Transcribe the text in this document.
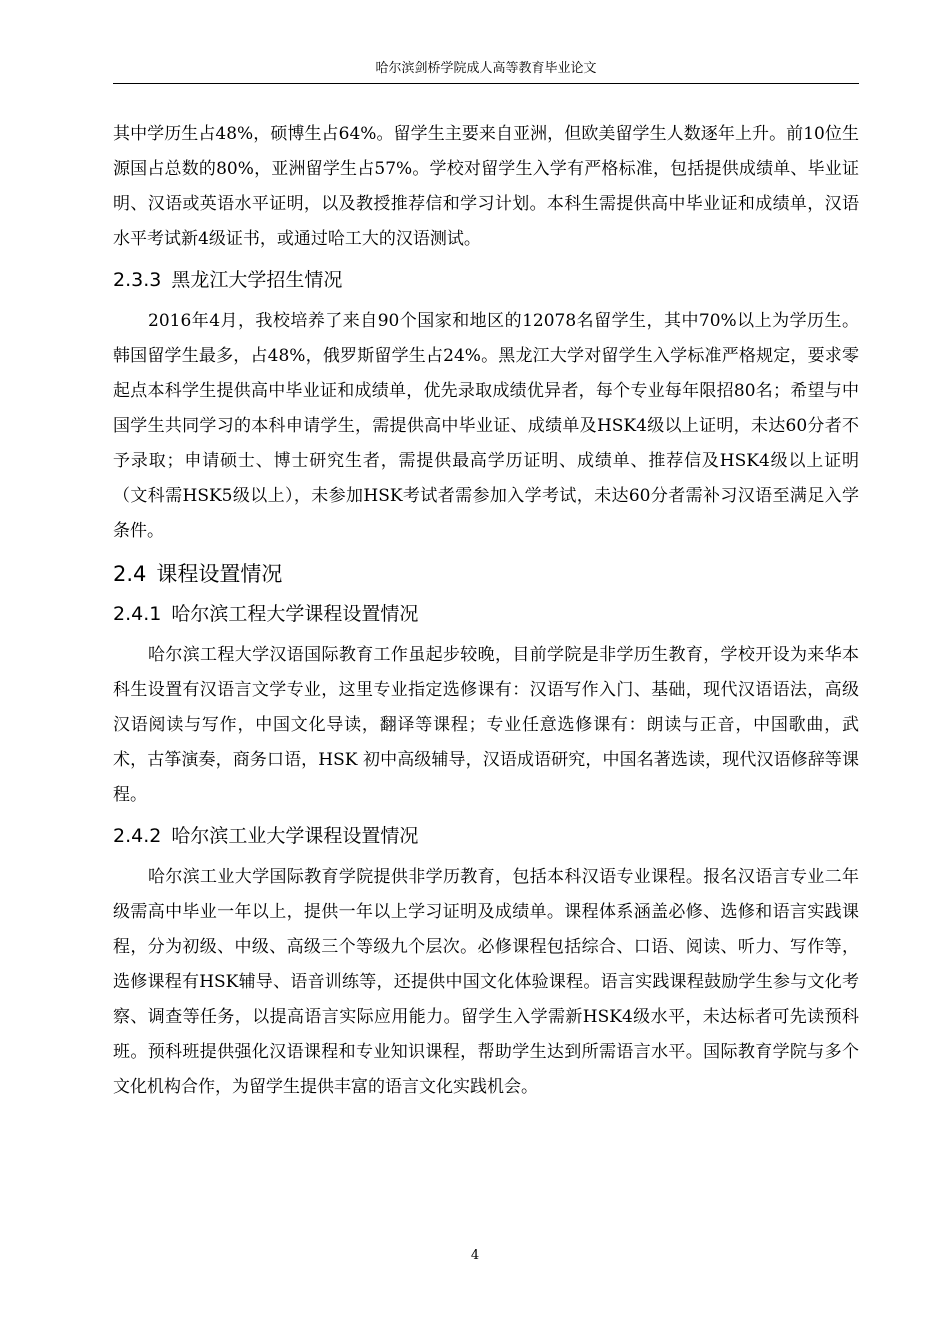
哈尔滨剑桥学院成人高等教育毕业论文

其中学历生占48%，硕博生占64%。留学生主要来自亚洲，但欧美留学生人数逐年上升。前10位生源国占总数的80%，亚洲留学生占57%。学校对留学生入学有严格标准，包括提供成绩单、毕业证明、汉语或英语水平证明，以及教授推荐信和学习计划。本科生需提供高中毕业证和成绩单，汉语水平考试新4级证书，或通过哈工大的汉语测试。

2.3.3 黑龙江大学招生情况

2016年4月，我校培养了来自90个国家和地区的12078名留学生，其中70%以上为学历生。韩国留学生最多，占48%，俄罗斯留学生占24%。黑龙江大学对留学生入学标准严格规定，要求零起点本科学生提供高中毕业证和成绩单，优先录取成绩优异者，每个专业每年限招80名；希望与中国学生共同学习的本科申请学生，需提供高中毕业证、成绩单及HSK4级以上证明，未达60分者不予录取；申请硕士、博士研究生者，需提供最高学历证明、成绩单、推荐信及HSK4级以上证明（文科需HSK5级以上），未参加HSK考试者需参加入学考试，未达60分者需补习汉语至满足入学条件。

2.4 课程设置情况
2.4.1 哈尔滨工程大学课程设置情况

哈尔滨工程大学汉语国际教育工作虽起步较晚，目前学院是非学历生教育，学校开设为来华本科生设置有汉语言文学专业，这里专业指定选修课有：汉语写作入门、基础，现代汉语语法，高级汉语阅读与写作，中国文化导读，翻译等课程；专业任意选修课有：朗读与正音，中国歌曲，武术，古筝演奏，商务口语，HSK 初中高级辅导，汉语成语研究，中国名著选读，现代汉语修辞等课程。

2.4.2 哈尔滨工业大学课程设置情况

哈尔滨工业大学国际教育学院提供非学历教育，包括本科汉语专业课程。报名汉语言专业二年级需高中毕业一年以上，提供一年以上学习证明及成绩单。课程体系涵盖必修、选修和语言实践课程，分为初级、中级、高级三个等级九个层次。必修课程包括综合、口语、阅读、听力、写作等，选修课程有HSK辅导、语音训练等，还提供中国文化体验课程。语言实践课程鼓励学生参与文化考察、调查等任务，以提高语言实际应用能力。留学生入学需新HSK4级水平，未达标者可先读预科班。预科班提供强化汉语课程和专业知识课程，帮助学生达到所需语言水平。国际教育学院与多个文化机构合作，为留学生提供丰富的语言文化实践机会。

4
